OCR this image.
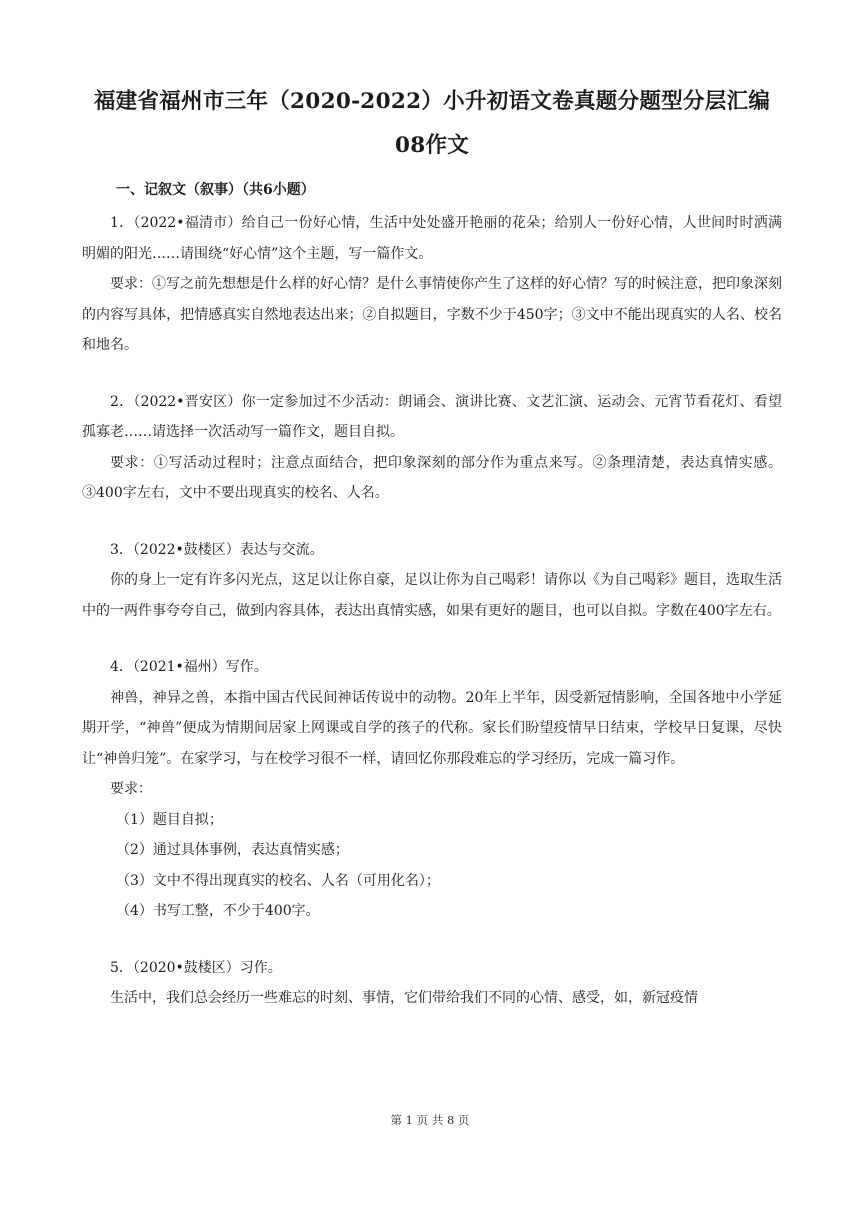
福建省福州市三年（2020-2022）小升初语文卷真题分题型分层汇编
08作文
一、记叙文（叙事）（共6小题）

1．（2022•福清市）给自己一份好心情，生活中处处盛开艳丽的花朵；给别人一份好心情，人世间时时洒满明媚的阳光……请围绕“好心情”这个主题，写一篇作文。

要求：①写之前先想想是什么样的好心情？是什么事情使你产生了这样的好心情？写的时候注意，把印象深刻的内容写具体，把情感真实自然地表达出来；②自拟题目，字数不少于450字；③文中不能出现真实的人名、校名和地名。

2．（2022•晋安区）你一定参加过不少活动：朗诵会、演讲比赛、文艺汇演、运动会、元宵节看花灯、看望孤寡老……请选择一次活动写一篇作文，题目自拟。

要求：①写活动过程时；注意点面结合，把印象深刻的部分作为重点来写。②条理清楚，表达真情实感。③400字左右，文中不要出现真实的校名、人名。

3．（2022•鼓楼区）表达与交流。

你的身上一定有许多闪光点，这足以让你自豪，足以让你为自己喝彩！请你以《为自己喝彩》题目，选取生活中的一两件事夸夸自己，做到内容具体，表达出真情实感，如果有更好的题目，也可以自拟。字数在400字左右。

4．（2021•福州）写作。

神兽，神异之兽，本指中国古代民间神话传说中的动物。20年上半年，因受新冠情影响，全国各地中小学延期开学，“神兽”便成为情期间居家上网课或自学的孩子的代称。家长们盼望疫情早日结束，学校早日复课，尽快让“神兽归笼”。在家学习，与在校学习很不一样，请回忆你那段难忘的学习经历，完成一篇习作。

要求：

（1）题目自拟；

（2）通过具体事例，表达真情实感；

（3）文中不得出现真实的校名、人名（可用化名）；

（4）书写工整，不少于400字。

5．（2020•鼓楼区）习作。

生活中，我们总会经历一些难忘的时刻、事情，它们带给我们不同的心情、感受，如，新冠疫情

第 1 页 共 8 页
